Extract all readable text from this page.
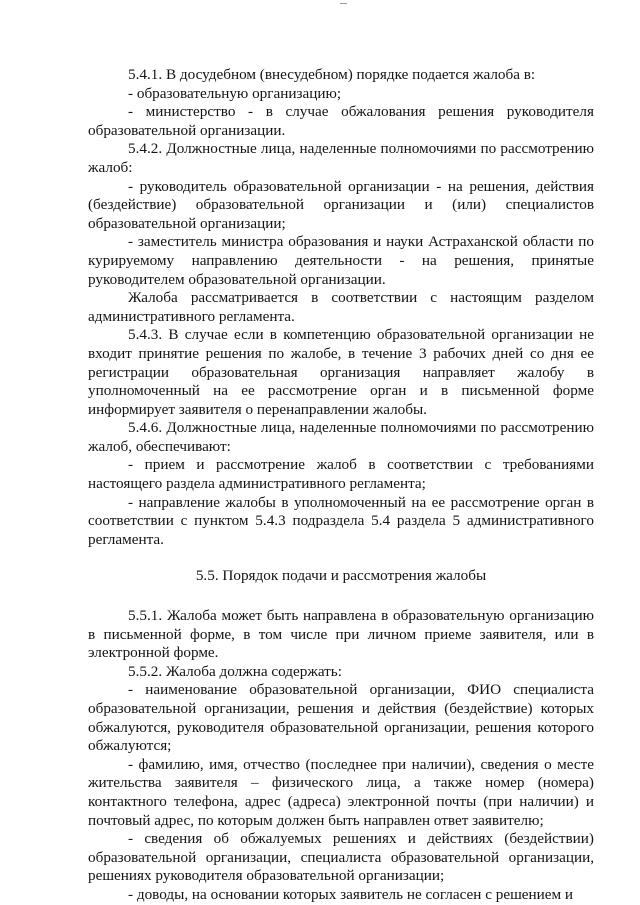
5.4.1. В досудебном (внесудебном) порядке подается жалоба в:

- образовательную организацию;

- министерство - в случае обжалования решения руководителя образовательной организации.

5.4.2. Должностные лица, наделенные полномочиями по рассмотрению жалоб:

- руководитель образовательной организации - на решения, действия (бездействие) образовательной организации и (или) специалистов образовательной организации;

- заместитель министра образования и науки Астраханской области по курируемому направлению деятельности - на решения, принятые руководителем образовательной организации.

Жалоба рассматривается в соответствии с настоящим разделом административного регламента.

5.4.3. В случае если в компетенцию образовательной организации не входит принятие решения по жалобе, в течение 3 рабочих дней со дня ее регистрации образовательная организация направляет жалобу в уполномоченный на ее рассмотрение орган и в письменной форме информирует заявителя о перенаправлении жалобы.

5.4.6. Должностные лица, наделенные полномочиями по рассмотрению жалоб, обеспечивают:

- прием и рассмотрение жалоб в соответствии с требованиями настоящего раздела административного регламента;

- направление жалобы в уполномоченный на ее рассмотрение орган в соответствии с пунктом 5.4.3 подраздела 5.4 раздела 5 административного регламента.

5.5. Порядок подачи и рассмотрения жалобы

5.5.1. Жалоба может быть направлена в образовательную организацию в письменной форме, в том числе при личном приеме заявителя, или в электронной форме.

5.5.2. Жалоба должна содержать:

- наименование образовательной организации, ФИО специалиста образовательной организации, решения и действия (бездействие) которых обжалуются, руководителя образовательной организации, решения которого обжалуются;

- фамилию, имя, отчество (последнее при наличии), сведения о месте жительства заявителя – физического лица, а также номер (номера) контактного телефона, адрес (адреса) электронной почты (при наличии) и почтовый адрес, по которым должен быть направлен ответ заявителю;

- сведения об обжалуемых решениях и действиях (бездействии) образовательной организации, специалиста образовательной организации, решениях руководителя образовательной организации;

- доводы, на основании которых заявитель не согласен с решением и
